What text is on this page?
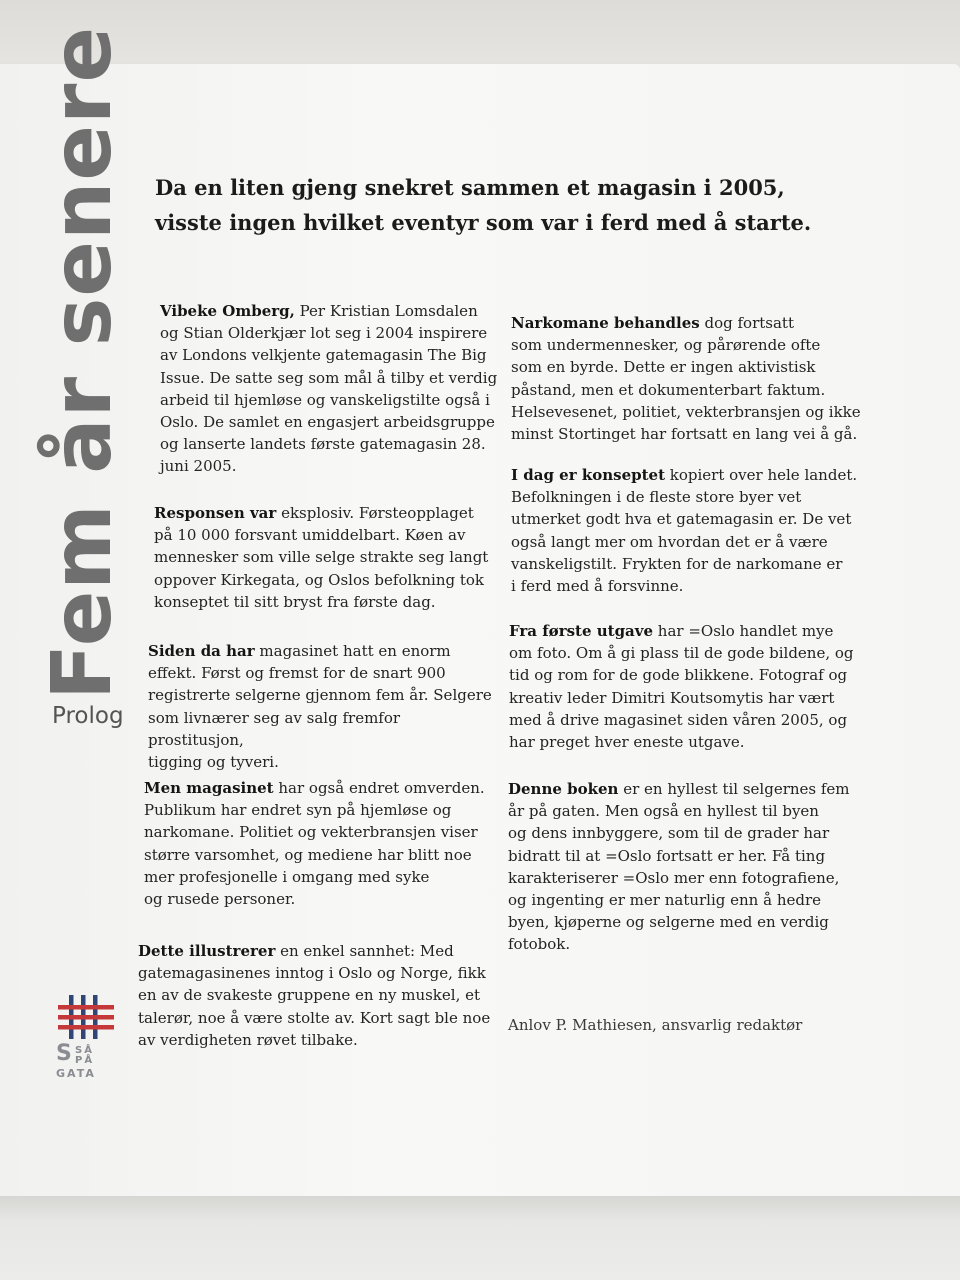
Fem år senere
Prolog
Da en liten gjeng snekret sammen et magasin i 2005,
visste ingen hvilket eventyr som var i ferd med å starte.

Vibeke Omberg, Per Kristian Lomsdalen

og Stian Olderkjær lot seg i 2004 inspirere

av Londons velkjente gatemagasin The Big

Issue. De satte seg som mål å tilby et verdig

arbeid til hjemløse og vanskeligstilte også i

Oslo. De samlet en engasjert arbeidsgruppe

og lanserte landets første gatemagasin 28.

juni 2005.

Responsen var eksplosiv. Førsteopplaget

på 10 000 forsvant umiddelbart. Køen av

mennesker som ville selge strakte seg langt

oppover Kirkegata, og Oslos befolkning tok

konseptet til sitt bryst fra første dag.

Siden da har magasinet hatt en enorm

effekt. Først og fremst for de snart 900

registrerte selgerne gjennom fem år. Selgere

som livnærer seg av salg fremfor prostitusjon,

tigging og tyveri.

Men magasinet har også endret omverden.

Publikum har endret syn på hjemløse og

narkomane. Politiet og vekterbransjen viser

større varsomhet, og mediene har blitt noe

mer profesjonelle i omgang med syke

og rusede personer.

Dette illustrerer en enkel sannhet: Med

gatemagasinenes inntog i Oslo og Norge, fikk

en av de svakeste gruppene en ny muskel, et

talerør, noe å være stolte av. Kort sagt ble noe

av verdigheten røvet tilbake.

Narkomane behandles dog fortsatt

som undermennesker, og pårørende ofte

som en byrde. Dette er ingen aktivistisk

påstand, men et dokumenterbart faktum.

Helsevesenet, politiet, vekterbransjen og ikke

minst Stortinget har fortsatt en lang vei å gå.

I dag er konseptet kopiert over hele landet.

Befolkningen i de fleste store byer vet

utmerket godt hva et gatemagasin er. De vet

også langt mer om hvordan det er å være

vanskeligstilt. Frykten for de narkomane er

i ferd med å forsvinne.

Fra første utgave har =Oslo handlet mye

om foto. Om å gi plass til de gode bildene, og

tid og rom for de gode blikkene. Fotograf og

kreativ leder Dimitri Koutsomytis har vært

med å drive magasinet siden våren 2005, og

har preget hver eneste utgave.

Denne boken er en hyllest til selgernes fem

år på gaten. Men også en hyllest til byen

og dens innbyggere, som til de grader har

bidratt til at =Oslo fortsatt er her. Få ting

karakteriserer =Oslo mer enn fotografiene,

og ingenting er mer naturlig enn å hedre

byen, kjøperne og selgerne med en verdig

fotobok.

Anlov P. Mathiesen, ansvarlig redaktør
S SÅ
PÅ
GATA
